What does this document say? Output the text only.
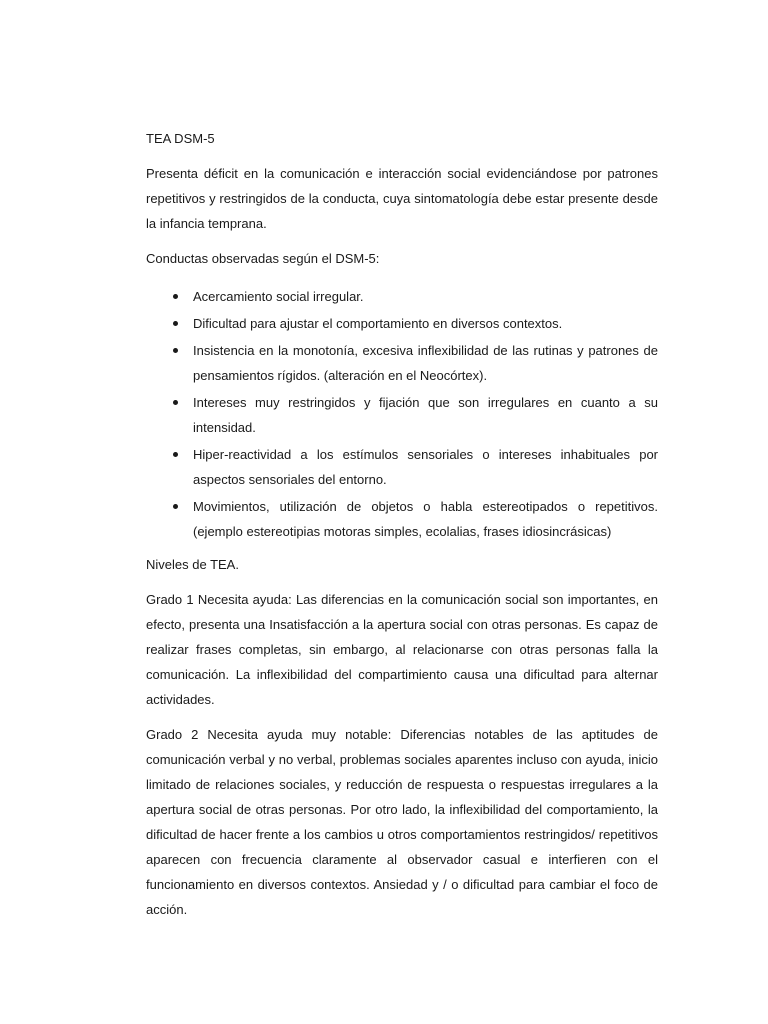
TEA DSM-5

Presenta déficit en la comunicación e interacción social evidenciándose por patrones repetitivos y restringidos de la conducta, cuya sintomatología debe estar presente desde la infancia temprana.

Conductas observadas según el DSM-5:

Acercamiento social irregular.
Dificultad para ajustar el comportamiento en diversos contextos.
Insistencia en la monotonía, excesiva inflexibilidad de las rutinas y patrones de pensamientos rígidos. (alteración en el Neocórtex).
Intereses muy restringidos y fijación que son irregulares en cuanto a su intensidad.
Hiper-reactividad a los estímulos sensoriales o intereses inhabituales por aspectos sensoriales del entorno.
Movimientos, utilización de objetos o habla estereotipados o repetitivos. (ejemplo estereotipias motoras simples, ecolalias, frases idiosincrásicas)

Niveles de TEA.

Grado 1 Necesita ayuda: Las diferencias en la comunicación social son importantes, en efecto, presenta una Insatisfacción a la apertura social con otras personas. Es capaz de realizar frases completas, sin embargo, al relacionarse con otras personas falla la comunicación. La inflexibilidad del compartimiento causa una dificultad para alternar actividades.

Grado 2 Necesita ayuda muy notable: Diferencias notables de las aptitudes de comunicación verbal y no verbal, problemas sociales aparentes incluso con ayuda, inicio limitado de relaciones sociales, y reducción de respuesta o respuestas irregulares a la apertura social de otras personas. Por otro lado, la inflexibilidad del comportamiento, la dificultad de hacer frente a los cambios u otros comportamientos restringidos/ repetitivos aparecen con frecuencia claramente al observador casual e interfieren con el funcionamiento en diversos contextos. Ansiedad y / o dificultad para cambiar el foco de acción.
